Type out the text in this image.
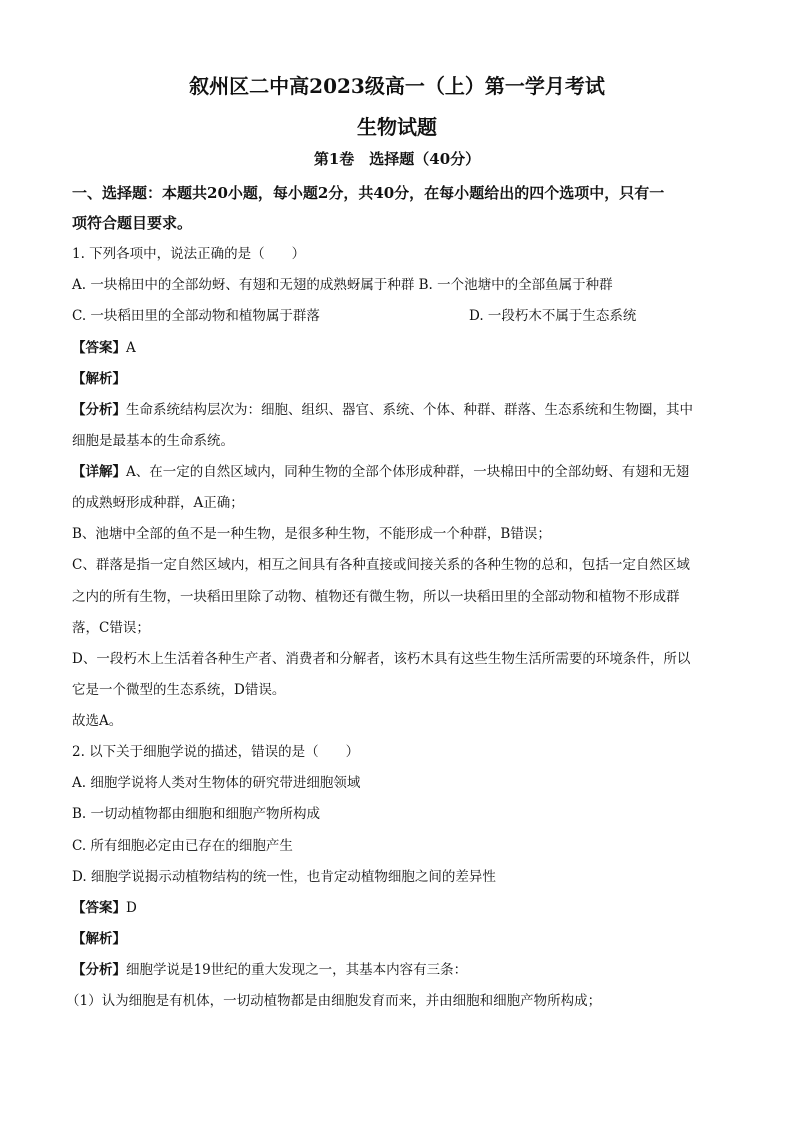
叙州区二中高2023级高一（上）第一学月考试
生物试题
第1卷　选择题（40分）
一、选择题：本题共20小题，每小题2分，共40分，在每小题给出的四个选项中，只有一
项符合题目要求。
1. 下列各项中，说法正确的是（　　）
A. 一块棉田中的全部幼蚜、有翅和无翅的成熟蚜属于种群 B. 一个池塘中的全部鱼属于种群
C. 一块稻田里的全部动物和植物属于群落	D. 一段朽木不属于生态系统
【答案】A
【解析】
【分析】生命系统结构层次为：细胞、组织、器官、系统、个体、种群、群落、生态系统和生物圈，其中
细胞是最基本的生命系统。
【详解】A、在一定的自然区域内，同种生物的全部个体形成种群，一块棉田中的全部幼蚜、有翅和无翅
的成熟蚜形成种群，A正确；
B、池塘中全部的鱼不是一种生物，是很多种生物，不能形成一个种群，B错误；
C、群落是指一定自然区域内，相互之间具有各种直接或间接关系的各种生物的总和，包括一定自然区域
之内的所有生物，一块稻田里除了动物、植物还有微生物，所以一块稻田里的全部动物和植物不形成群
落，C错误；
D、一段朽木上生活着各种生产者、消费者和分解者，该朽木具有这些生物生活所需要的环境条件，所以
它是一个微型的生态系统，D错误。
故选A。
2. 以下关于细胞学说的描述，错误的是（　　）
A. 细胞学说将人类对生物体的研究带进细胞领域
B. 一切动植物都由细胞和细胞产物所构成
C. 所有细胞必定由已存在的细胞产生
D. 细胞学说揭示动植物结构的统一性，也肯定动植物细胞之间的差异性
【答案】D
【解析】
【分析】细胞学说是19世纪的重大发现之一，其基本内容有三条：
（1）认为细胞是有机体，一切动植物都是由细胞发育而来，并由细胞和细胞产物所构成；
